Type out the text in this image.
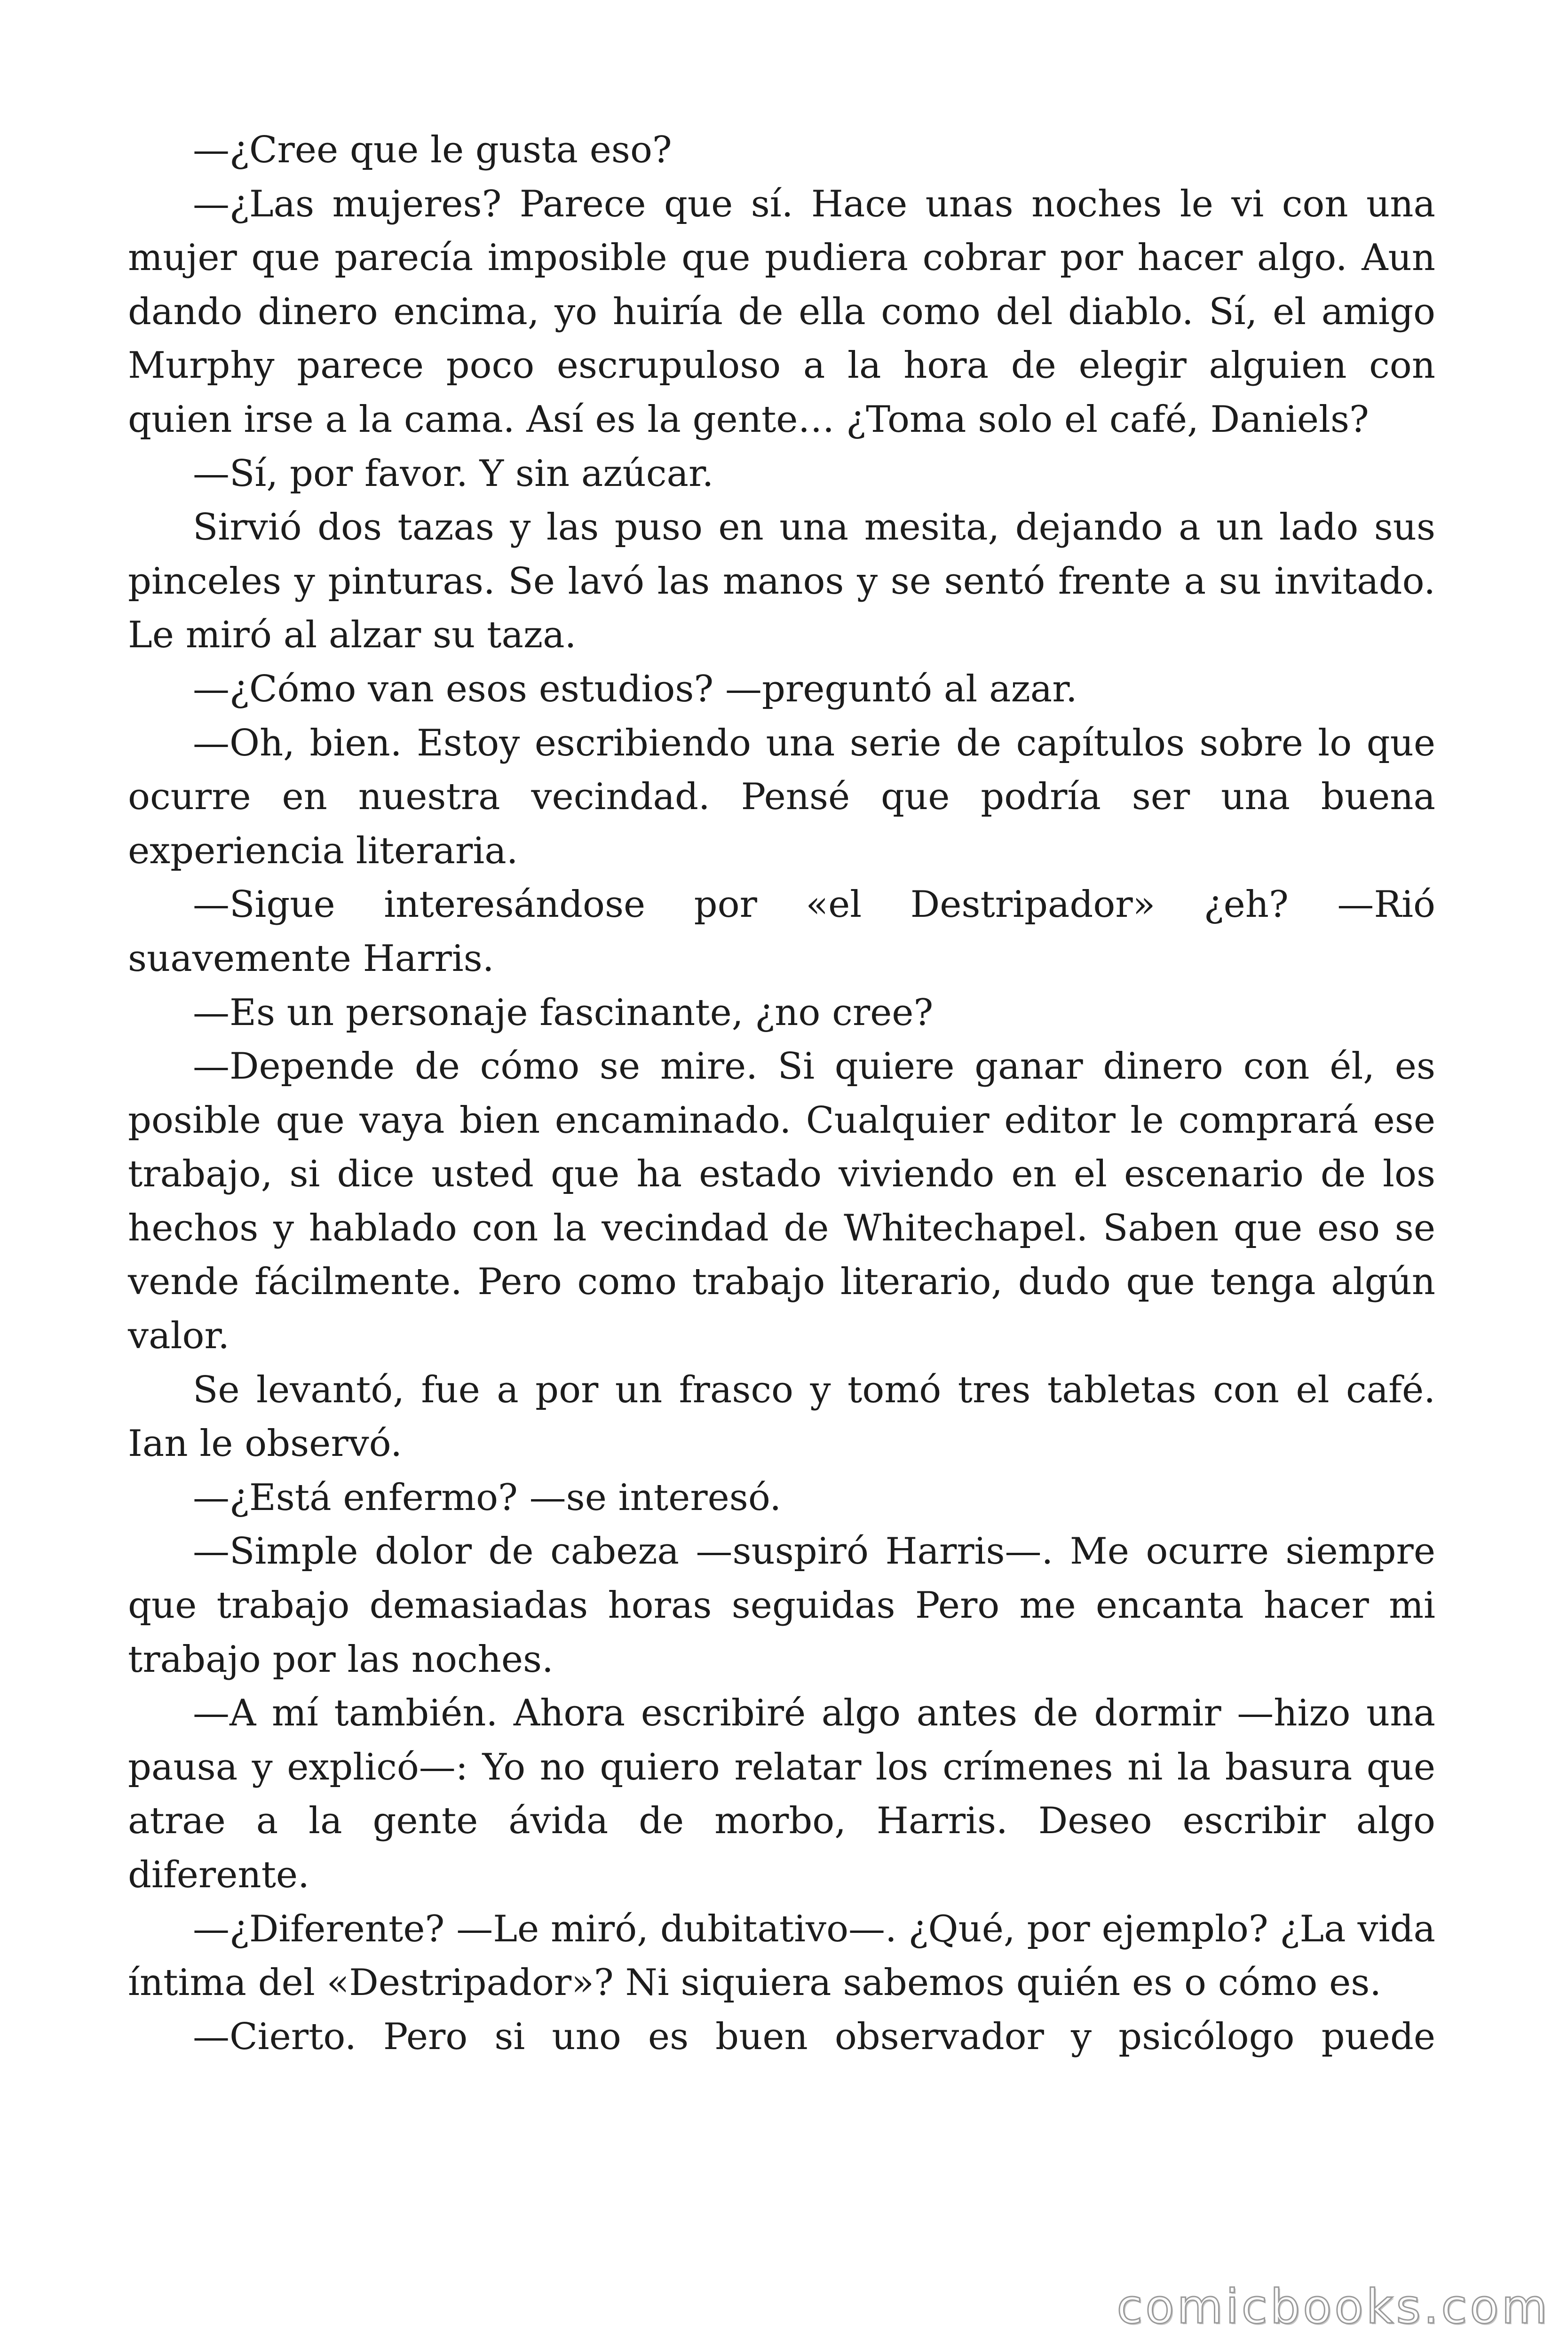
—¿Cree que le gusta eso?

—¿Las mujeres? Parece que sí. Hace unas noches le vi con una mujer que parecía imposible que pudiera cobrar por hacer algo. Aun dando dinero encima, yo huiría de ella como del diablo. Sí, el amigo Murphy parece poco escrupuloso a la hora de elegir alguien con quien irse a la cama. Así es la gente… ¿Toma solo el café, Daniels?

—Sí, por favor. Y sin azúcar.

Sirvió dos tazas y las puso en una mesita, dejando a un lado sus pinceles y pinturas. Se lavó las manos y se sentó frente a su invitado. Le miró al alzar su taza.

—¿Cómo van esos estudios? —preguntó al azar.

—Oh, bien. Estoy escribiendo una serie de capítulos sobre lo que ocurre en nuestra vecindad. Pensé que podría ser una buena experiencia literaria.

—Sigue interesándose por «el Destripador» ¿eh? —Rió suavemente Harris.

—Es un personaje fascinante, ¿no cree?

—Depende de cómo se mire. Si quiere ganar dinero con él, es posible que vaya bien encaminado. Cualquier editor le comprará ese trabajo, si dice usted que ha estado viviendo en el escenario de los hechos y hablado con la vecindad de Whitechapel. Saben que eso se vende fácilmente. Pero como trabajo literario, dudo que tenga algún valor.

Se levantó, fue a por un frasco y tomó tres tabletas con el café. Ian le observó.

—¿Está enfermo? —se interesó.

—Simple dolor de cabeza —suspiró Harris—. Me ocurre siempre que trabajo demasiadas horas seguidas Pero me encanta hacer mi trabajo por las noches.

—A mí también. Ahora escribiré algo antes de dormir —hizo una pausa y explicó—: Yo no quiero relatar los crímenes ni la basura que atrae a la gente ávida de morbo, Harris. Deseo escribir algo diferente.

—¿Diferente? —Le miró, dubitativo—. ¿Qué, por ejemplo? ¿La vida íntima del «Destripador»? Ni siquiera sabemos quién es o cómo es.

—Cierto. Pero si uno es buen observador y psicólogo puede

comicbooks.com
